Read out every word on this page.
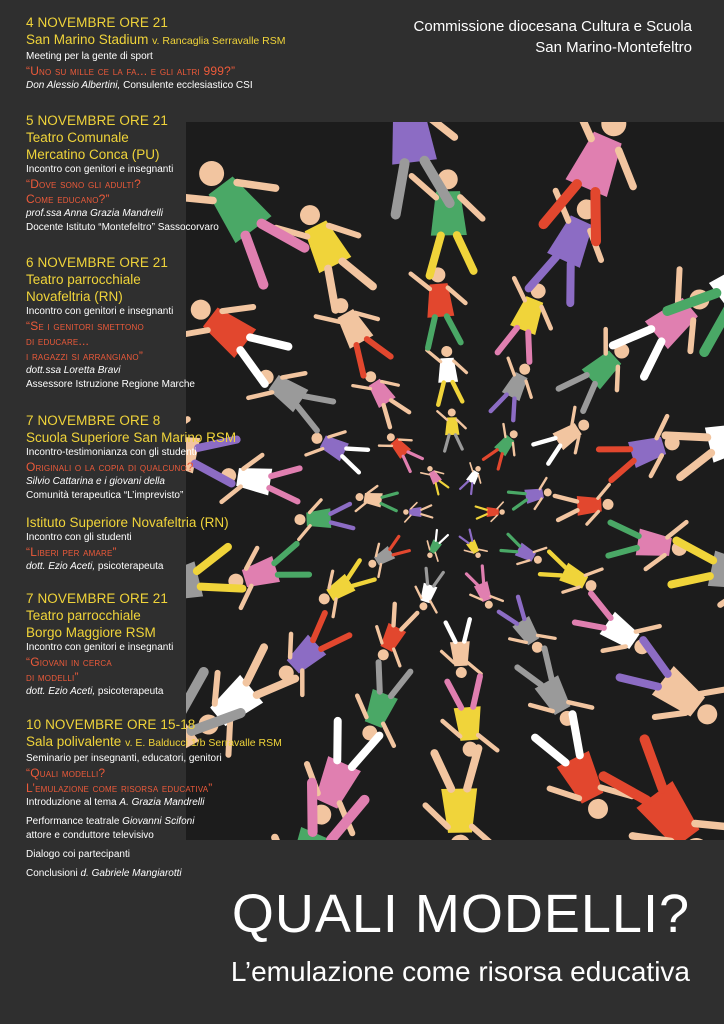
Commissione diocesana Cultura e Scuola
San Marino-Montefeltro
4 NOVEMBRE ORE 21
San Marino Stadium v. Rancaglia Serravalle RSM
Meeting per la gente di sport
“Uno su mille ce la fa... e gli altri 999?”
Don Alessio Albertini, Consulente ecclesiastico CSI
5 NOVEMBRE ORE 21
Teatro Comunale
Mercatino Conca (PU)
Incontro con genitori e insegnanti
“Dove sono gli adulti?
Come educano?”
prof.ssa Anna Grazia Mandrelli
Docente Istituto “Montefeltro” Sassocorvaro
6 NOVEMBRE ORE 21
Teatro parrocchiale
Novafeltria (RN)
Incontro con genitori e insegnanti
“Se i genitori smettono
di educare...
i ragazzi si arrangiano”
dott.ssa Loretta Bravi
Assessore Istruzione Regione Marche
7 NOVEMBRE ORE 8
Scuola Superiore San Marino RSM
Incontro-testimonianza con gli studenti
Originali o la copia di qualcuno?
Silvio Cattarina e i giovani della
Comunità terapeutica “L’imprevisto”
Istituto Superiore Novafeltria (RN)
Incontro con gli studenti
“Liberi per amare”
dott. Ezio Aceti, psicoterapeuta
7 NOVEMBRE ORE 21
Teatro parrocchiale
Borgo Maggiore RSM
Incontro con genitori e insegnanti
“Giovani in cerca
di modelli”
dott. Ezio Aceti, psicoterapeuta
10 NOVEMBRE ORE 15-18
Sala polivalente v. E. Balducci 1/b Serravalle RSM
Seminario per insegnanti, educatori, genitori
“Quali modelli?
L’emulazione come risorsa educativa”
Introduzione al tema A. Grazia Mandrelli
Performance teatrale Giovanni Scifoni
attore e conduttore televisivo
Dialogo coi partecipanti
Conclusioni d. Gabriele Mangiarotti
QUALI MODELLI?
L’emulazione come risorsa educativa
